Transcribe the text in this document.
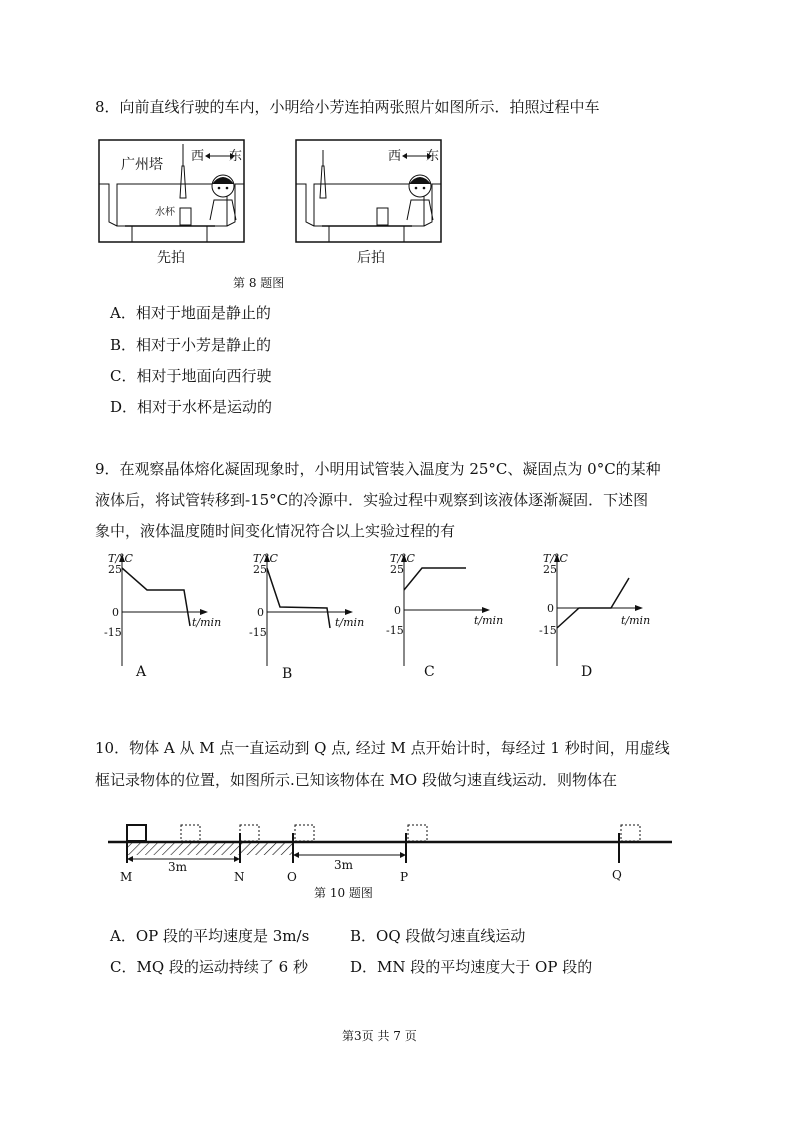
8．向前直线行驶的车内，小明给小芳连拍两张照片如图所示．拍照过程中车
广州塔
西 东
水杯
西 东
先拍	后拍
第 8 题图
A．相对于地面是静止的
B．相对于小芳是静止的
C．相对于地面向西行驶
D．相对于水杯是运动的
9．在观察晶体熔化凝固现象时，小明用试管装入温度为 25°C、凝固点为 0°C的某种
液体后，将试管转移到-15°C的冷源中．实验过程中观察到该液体逐渐凝固．下述图
象中，液体温度随时间变化情况符合以上实验过程的有
T/°C
t/min
25
0
-15
A
T/°C
t/min
25
0
-15
B
T/°C
t/min
25
0
-15
C
T/°C
t/min
25
0
-15
D
10．物体 A 从 M 点一直运动到 Q 点, 经过 M 点开始计时，每经过 1 秒时间，用虚线
框记录物体的位置，如图所示.已知该物体在 MO 段做匀速直线运动．则物体在
3m	3m
M	N	O	P	Q
第 10 题图
A．OP 段的平均速度是 3m/s	B．OQ 段做匀速直线运动
C．MQ 段的运动持续了 6 秒	D．MN 段的平均速度大于 OP 段的
第3页 共 7 页
